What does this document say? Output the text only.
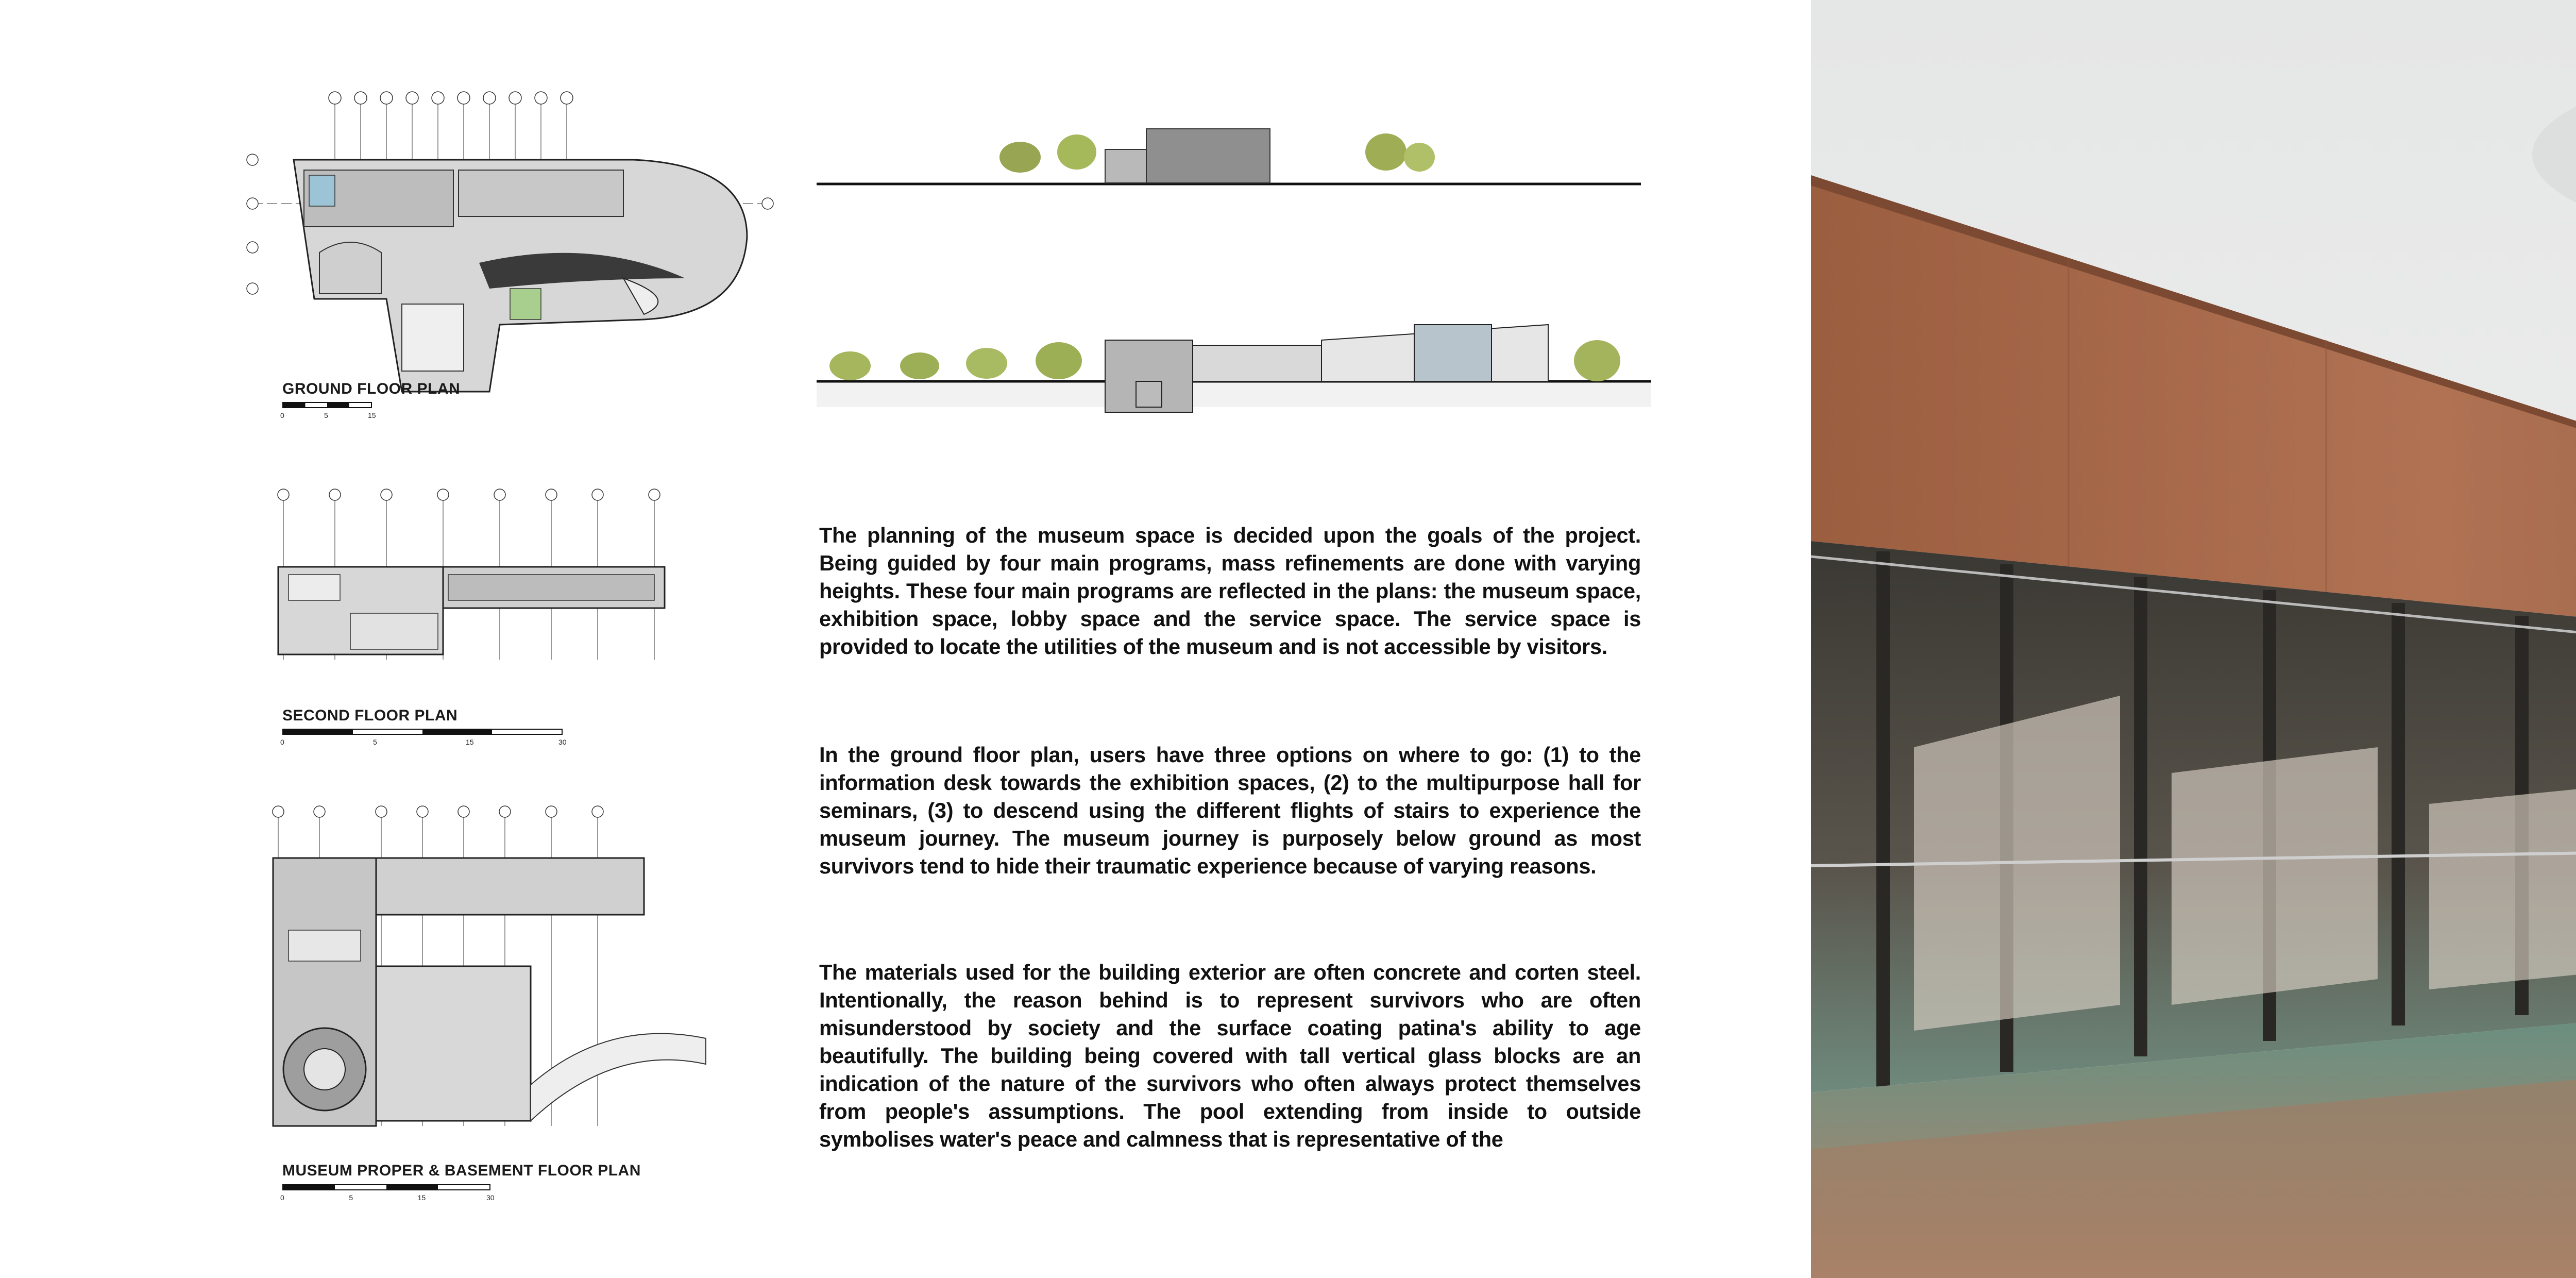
GROUND FLOOR PLAN
SECOND FLOOR PLAN
MUSEUM PROPER & BASEMENT FLOOR PLAN
The planning of the museum space is decided upon the goals of the project. Being guided by four main programs, mass refinements are done with varying heights. These four main programs are reflected in the plans: the museum space, exhibition space, lobby space and the service space. The service space is provided to locate the utilities of the museum and is not accessible by visitors.
In the ground floor plan, users have three options on where to go: (1) to the information desk towards the exhibition spaces, (2) to the multipurpose hall for seminars, (3) to descend using the different flights of stairs to experience the museum journey. The museum journey is purposely below ground as most survivors tend to hide their traumatic experience because of varying reasons.
The materials used for the building exterior are often concrete and corten steel. Intentionally, the reason behind is to represent survivors who are often misunderstood by society and the surface coating patina's ability to age beautifully. The building being covered with tall vertical glass blocks are an indication of the nature of the survivors who often always protect themselves from people's assumptions. The pool extending from inside to outside symbolises water's peace and calmness that is representative of the
0	5	15
0	5	15	30
0	5	15	30
